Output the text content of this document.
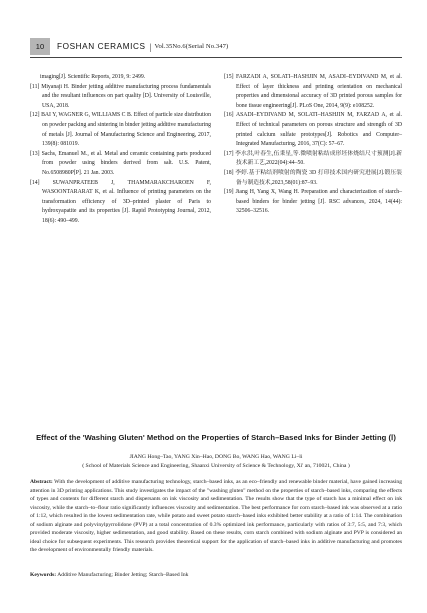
10	FOSHAN CERAMICS | Vol.35No.6(Serial No.347)

imaging[J]. Scientific Reports, 2019, 9: 2499.

[11] Miyanaji H. Binder jetting additive manufacturing process fundamentals and the resultant influences on part quality [D]. University of Louisville, USA, 2018.

[12] BAI Y, WAGNER G, WILLIAMS C B. Effect of particle size distribution on powder packing and sintering in binder jetting additive manufacturing of metals [J]. Journal of Manufacturing Science and Engineering, 2017, 139(8): 081019.

[13] Sachs, Emanuel M., et al. Metal and ceramic containing parts produced from powder using binders derived from salt. U.S. Patent, No.6508980P[P]. 21 Jan. 2003.

[14] SUWANPRATEEB J, THAMMARAKCHAROEN F, WASOONTARARAT K, et al. Influence of printing parameters on the transformation efficiency of 3D–printed plaster of Paris to hydroxyapatite and its properties [J]. Rapid Prototyping Journal, 2012, 18(6): 490–499.

[15] FARZADI A, SOLATI–HASHJIN M, ASADI–EYDIVAND M, et al. Effect of layer thickness and printing orientation on mechanical properties and dimensional accuracy of 3D printed porous samples for bone tissue engineering[J]. PLoS One, 2014, 9(9): e108252.

[16] ASADI–EYDIVAND M, SOLATI–HASHJIN M, FARZAD A, et al. Effect of technical parameters on porous structure and strength of 3D printed calcium sulfate prototypes[J]. Robotics and Computer–Integrated Manufacturing, 2016, 37(C): 57–67.

[17] 李水洪,叶春生,伍秉星,等.微喷射粘结成形坯体烧结尺寸预测[J].新技术新工艺,2022(04):44–50.

[18] 李婷.基于粘结剂喷射的陶瓷 3D 打印技术国内研究进展[J].锻压装备与制造技术,2023,58(01):87–93.

[19] Jiang H, Yang X, Wang H. Preparation and characterization of starch–based binders for binder jetting [J]. RSC advances, 2024, 14(44): 32506–32516.

Effect of the 'Washing Gluten' Method on the Properties of Starch–Based Inks for Binder Jetting (Ⅰ)
JIANG Hong–Tao, YANG Xin–Hao, DONG Bo, WANG Hao, WANG Li–li
( School of Materials Science and Engineering, Shaanxi University of Science & Technology, Xi' an, 710021, China )

Abstract: With the development of additive manufacturing technology, starch–based inks, as an eco–friendly and renewable binder material, have gained increasing attention in 3D printing applications. This study investigates the impact of the "washing gluten" method on the properties of starch–based inks, comparing the effects of types and contents for different starch and dispersants on ink viscosity and sedimentation. The results show that the type of starch has a minimal effect on ink viscosity, while the starch–to–flour ratio significantly influences viscosity and sedimentation. The best performance for corn starch–based ink was observed at a ratio of 1:12, which resulted in the lowest sedimentation rate, while potato and sweet potato starch–based inks exhibited better stability at a ratio of 1:14. The combination of sodium alginate and polyvinylpyrrolidone (PVP) at a total concentration of 0.3% optimized ink performance, particularly with ratios of 3:7, 5:5, and 7:3, which provided moderate viscosity, higher sedimentation, and good stability. Based on these results, corn starch combined with sodium alginate and PVP is considered an ideal choice for subsequent experiments. This research provides theoretical support for the application of starch–based inks in additive manufacturing and promotes the development of environmentally friendly materials.

Keywords: Additive Manufacturing; Binder Jetting; Starch–Based Ink
